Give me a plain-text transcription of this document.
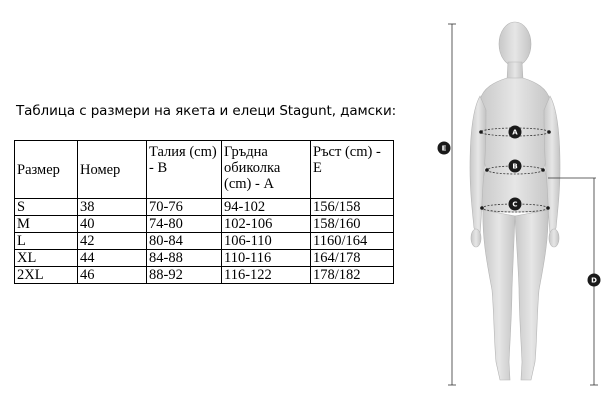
Таблица с размери на якета и елеци Stagunt, дамски:
Размер	Номер	Талия (cm) - B	Гръдна обиколка (cm) - A	Ръст (cm) - E
S	38	70-76	94-102	156/158
M	40	74-80	102-106	158/160
L	42	80-84	106-110	1160/164
XL	44	84-88	110-116	164/178
2XL	46	88-92	116-122	178/182
A
B
C
D
E
